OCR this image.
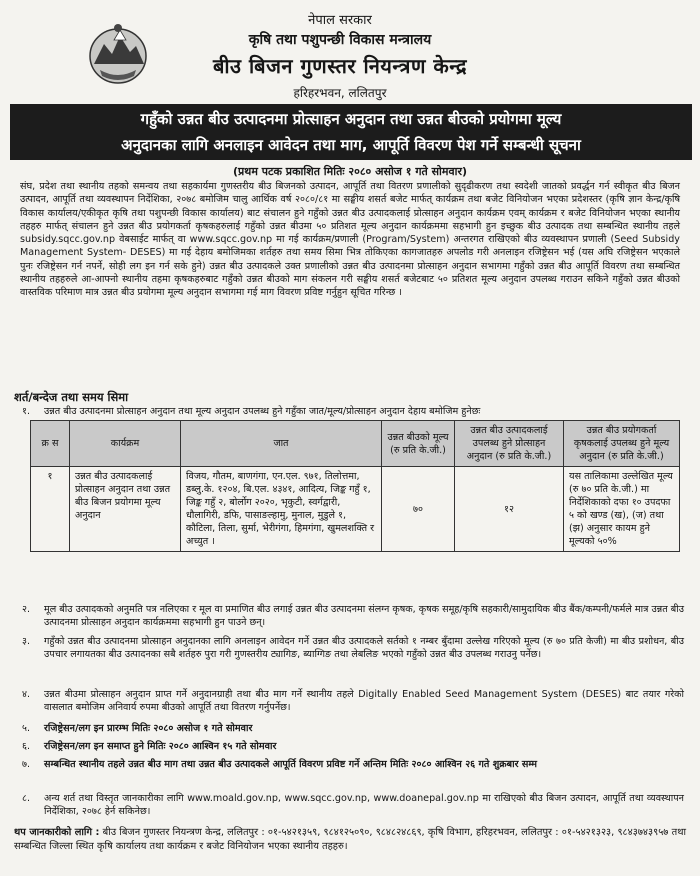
नेपाल सरकार
कृषि तथा पशुपन्छी विकास मन्त्रालय
बीउ बिजन गुणस्तर नियन्त्रण केन्द्र
हरिहरभवन, ललितपुर
गहुँको उन्नत बीउ उत्पादनमा प्रोत्साहन अनुदान तथा उन्नत बीउको प्रयोगमा मूल्य
अनुदानका लागि अनलाइन आवेदन तथा माग, आपूर्ति विवरण पेश गर्ने सम्बन्धी सूचना
(प्रथम पटक प्रकाशित मितिः २०८० असोज १ गते सोमवार)

संघ, प्रदेश तथा स्थानीय तहको समन्वय तथा सहकार्यमा गुणस्तरीय बीउ बिजनको उत्पादन, आपूर्ति तथा वितरण प्रणालीको सुदृढीकरण तथा स्वदेशी जातको प्रवर्द्धन गर्न स्वीकृत बीउ बिजन उत्पादन, आपूर्ति तथा व्यवस्थापन निर्देशिका, २०७८ बमोजिम चालु आर्थिक वर्ष २०८०/८१ मा सङ्घीय शसर्त बजेट मार्फत् कार्यक्रम तथा बजेट विनियोजन भएका प्रदेशस्तर (कृषि ज्ञान केन्द्र/कृषि विकास कार्यालय/एकीकृत कृषि तथा पशुपन्छी विकास कार्यालय) बाट संचालन हुने गहुँको उन्नत बीउ उत्पादकलाई प्रोत्साहन अनुदान कार्यक्रम एवम् कार्यक्रम र बजेट विनियोजन भएका स्थानीय तहहरु मार्फत् संचालन हुने उन्नत बीउ प्रयोगकर्ता कृषकहरुलाई गहुँको उन्नत बीउमा ५० प्रतिशत मूल्य अनुदान कार्यक्रममा सहभागी हुन इच्छुक बीउ उत्पादक तथा सम्बन्धित स्थानीय तहले subsidy.sqcc.gov.np वेबसाईट मार्फत् वा www.sqcc.gov.np मा गई कार्यक्रम/प्रणाली (Program/System) अन्तरगत राखिएको बीउ व्यवस्थापन प्रणाली (Seed Subsidy Management System- DESES) मा गई देहाय बमोजिमका शर्तहरु तथा समय सिमा भित्र तोकिएका कागजातहरु अपलोड गरी अनलाइन रजिष्ट्रेसन भई (यस अघि रजिष्ट्रेसन भएकाले पुनः रजिष्ट्रेसन गर्न नपर्ने, सोही लग इन गर्न सके हुने) उन्नत बीउ उत्पादकले उक्त प्रणालीको उन्नत बीउ उत्पादनमा प्रोत्साहन अनुदान सभागमा गहुँको उन्नत बीउ आपूर्ति विवरण तथा सम्बन्धित स्थानीय तहहरुले आ-आफ्नो स्थानीय तहमा कृषकहरुबाट गहुँको उन्नत बीउको माग संकलन गरी सङ्घीय शसर्त बजेटबाट ५० प्रतिशत मूल्य अनुदान उपलब्ध गराउन सकिने गहुँको उन्नत बीउको वास्तविक परिमाण मात्र उन्नत बीउ प्रयोगमा मूल्य अनुदान सभागमा गई माग विवरण प्रविष्ट गर्नुहुन सूचित गरिन्छ ।

शर्त/बन्देज तथा समय सिमा
१.	उन्नत बीउ उत्पादनमा प्रोत्साहन अनुदान तथा मूल्य अनुदान उपलब्ध हुने गहुँका जात/मूल्य/प्रोत्साहन अनुदान देहाय बमोजिम हुनेछः
क्र स	कार्यक्रम	जात	उन्नत बीउको मूल्य (रु प्रति के.जी.)	उन्नत बीउ उत्पादकलाई उपलब्ध हुने प्रोत्साहन अनुदान (रु प्रति के.जी.)	उन्नत बीउ प्रयोगकर्ता कृषकलाई उपलब्ध हुने मूल्य अनुदान (रु प्रति के.जी.)
१	उन्नत बीउ उत्पादकलाई प्रोत्साहन अनुदान तथा उन्नत बीउ बिजन प्रयोगमा मूल्य अनुदान	विजय, गौतम, बाणगंगा, एन.एल. ९७१, तिलोत्तमा, डब्लु.के. १२०४, बि.एल. ४३४१, आदित्य, जिङ्क गहुँ १, जिङ्क गहुँ २, बोर्लोग २०२०, भृकुटी, स्वर्गद्वारी, धौलागिरी, डफि, पासाङल्हामु, मुनाल, मुडुले १, कौटिला, तिला, सुर्मा, भेरीगंगा, हिमगंगा, खुमलशक्ति र अच्युत ।	७०	१२	यस तालिकामा उल्लेखित मूल्य (रु ७० प्रति के.जी.) मा निर्देशिकाको दफा १० उपदफा ५ को खण्ड (ख), (ज) तथा (झ) अनुसार कायम हुने मूल्यको ५०%
२.	मूल बीउ उत्पादकको अनुमति पत्र नलिएका र मूल वा प्रमाणित बीउ लगाई उन्नत बीउ उत्पादनमा संलग्न कृषक, कृषक समूह/कृषि सहकारी/सामुदायिक बीउ बैंक/कम्पनी/फर्मले मात्र उन्नत बीउ उत्पादनमा प्रोत्साहन अनुदान कार्यक्रममा सहभागी हुन पाउने छन्।
३.	गहुँको उन्नत बीउ उत्पादनमा प्रोत्साहन अनुदानका लागि अनलाइन आवेदन गर्ने उन्नत बीउ उत्पादकले सर्तको १ नम्बर बुँदामा उल्लेख गरिएको मूल्य (रु ७० प्रति केजी) मा बीउ प्रशोधन, बीउ उपचार लगायतका बीउ उत्पादनका सबै शर्तहरु पुरा गरी गुणस्तरीय ट्यागिङ, ब्याग्गिङ तथा लेबलिङ भएको गहुँको उन्नत बीउ उपलब्ध गराउनु पर्नेछ।
४.	उन्नत बीउमा प्रोत्साहन अनुदान प्राप्त गर्ने अनुदानग्राही तथा बीउ माग गर्ने स्थानीय तहले Digitally Enabled Seed Management System (DESES) बाट तयार गरेको वासलात बमोजिम अनिवार्य रुपमा बीउको आपूर्ति तथा वितरण गर्नुपर्नेछ।
५.	रजिष्ट्रेसन/लग इन प्रारम्भ मितिः २०८० असोज १ गते सोमवार
६.	रजिष्ट्रेसन/लग इन समाप्त हुने मितिः २०८० आश्विन १५ गते सोमवार
७.	सम्बन्धित स्थानीय तहले उन्नत बीउ माग तथा उन्नत बीउ उत्पादकले आपूर्ति विवरण प्रविष्ट गर्ने अन्तिम मितिः २०८० आश्विन २६ गते शुक्रबार सम्म
८.	अन्य शर्त तथा विस्तृत जानकारीका लागि www.moald.gov.np, www.sqcc.gov.np, www.doanepal.gov.np मा राखिएको बीउ बिजन उत्पादन, आपूर्ति तथा व्यवस्थापन निर्देशिका, २०७८ हेर्न सकिनेछ।
थप जानकारीको लागि : बीउ बिजन गुणस्तर नियन्त्रण केन्द्र, ललितपुर : ०१-५४२१३५९, ९८४१२५०९०, ९८४८२४८६९, कृषि विभाग, हरिहरभवन, ललितपुर : ०१-५४२१३२३, ९८४३७४३९५७ तथा सम्बन्धित जिल्ला स्थित कृषि कार्यालय तथा कार्यक्रम र बजेट विनियोजन भएका स्थानीय तहहरु।
